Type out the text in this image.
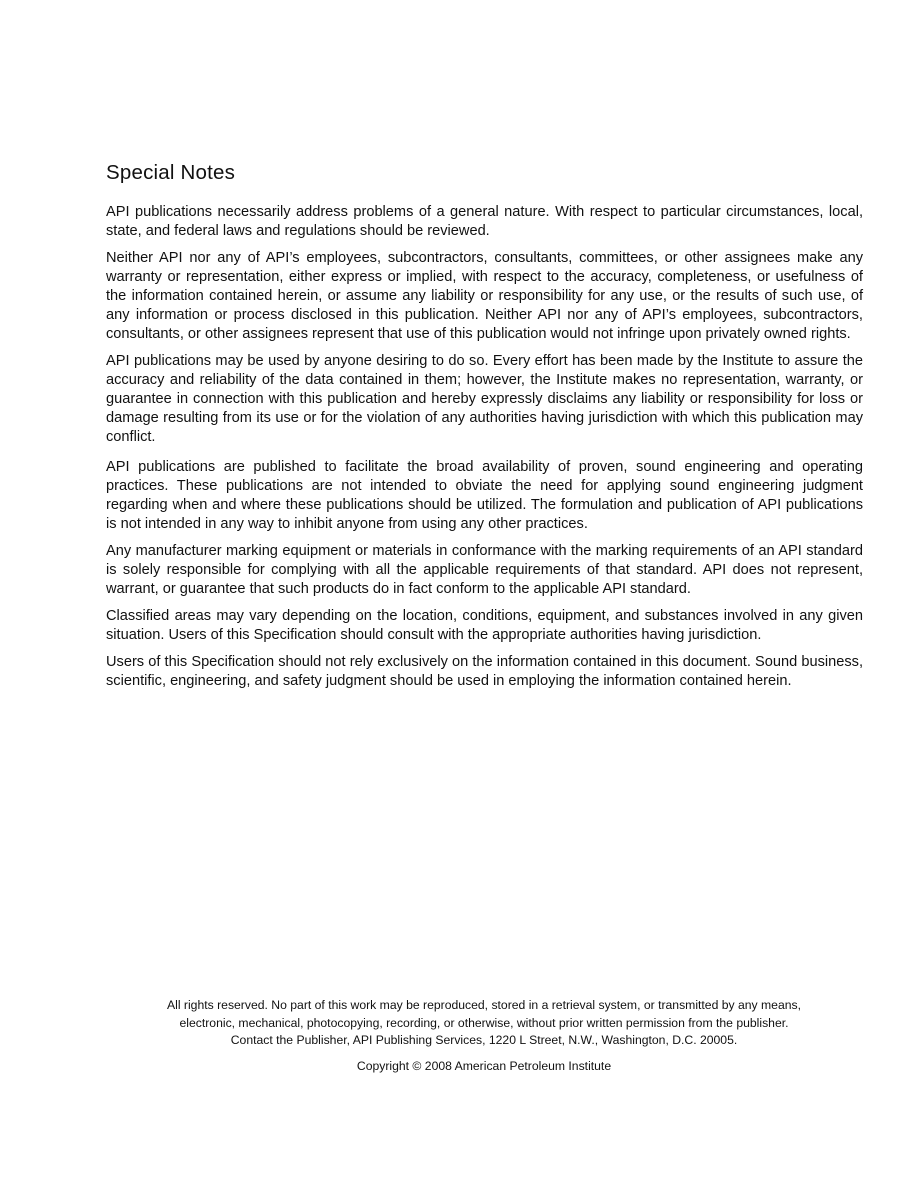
Special Notes

API publications necessarily address problems of a general nature. With respect to particular circumstances, local, state, and federal laws and regulations should be reviewed.

Neither API nor any of API’s employees, subcontractors, consultants, committees, or other assignees make any warranty or representation, either express or implied, with respect to the accuracy, completeness, or usefulness of the information contained herein, or assume any liability or responsibility for any use, or the results of such use, of any information or process disclosed in this publication. Neither API nor any of API’s employees, subcontractors, consultants, or other assignees represent that use of this publication would not infringe upon privately owned rights.

API publications may be used by anyone desiring to do so. Every effort has been made by the Institute to assure the accuracy and reliability of the data contained in them; however, the Institute makes no representation, warranty, or guarantee in connection with this publication and hereby expressly disclaims any liability or responsibility for loss or damage resulting from its use or for the violation of any authorities having jurisdiction with which this publication may conflict.

API publications are published to facilitate the broad availability of proven, sound engineering and operating practices. These publications are not intended to obviate the need for applying sound engineering judgment regarding when and where these publications should be utilized. The formulation and publication of API publications is not intended in any way to inhibit anyone from using any other practices.

Any manufacturer marking equipment or materials in conformance with the marking requirements of an API standard is solely responsible for complying with all the applicable requirements of that standard. API does not represent, warrant, or guarantee that such products do in fact conform to the applicable API standard.

Classified areas may vary depending on the location, conditions, equipment, and substances involved in any given situation. Users of this Specification should consult with the appropriate authorities having jurisdiction.

Users of this Specification should not rely exclusively on the information contained in this document. Sound business, scientific, engineering, and safety judgment should be used in employing the information contained herein.

All rights reserved. No part of this work may be reproduced, stored in a retrieval system, or transmitted by any means, electronic, mechanical, photocopying, recording, or otherwise, without prior written permission from the publisher. Contact the Publisher, API Publishing Services, 1220 L Street, N.W., Washington, D.C. 20005.

Copyright © 2008 American Petroleum Institute
